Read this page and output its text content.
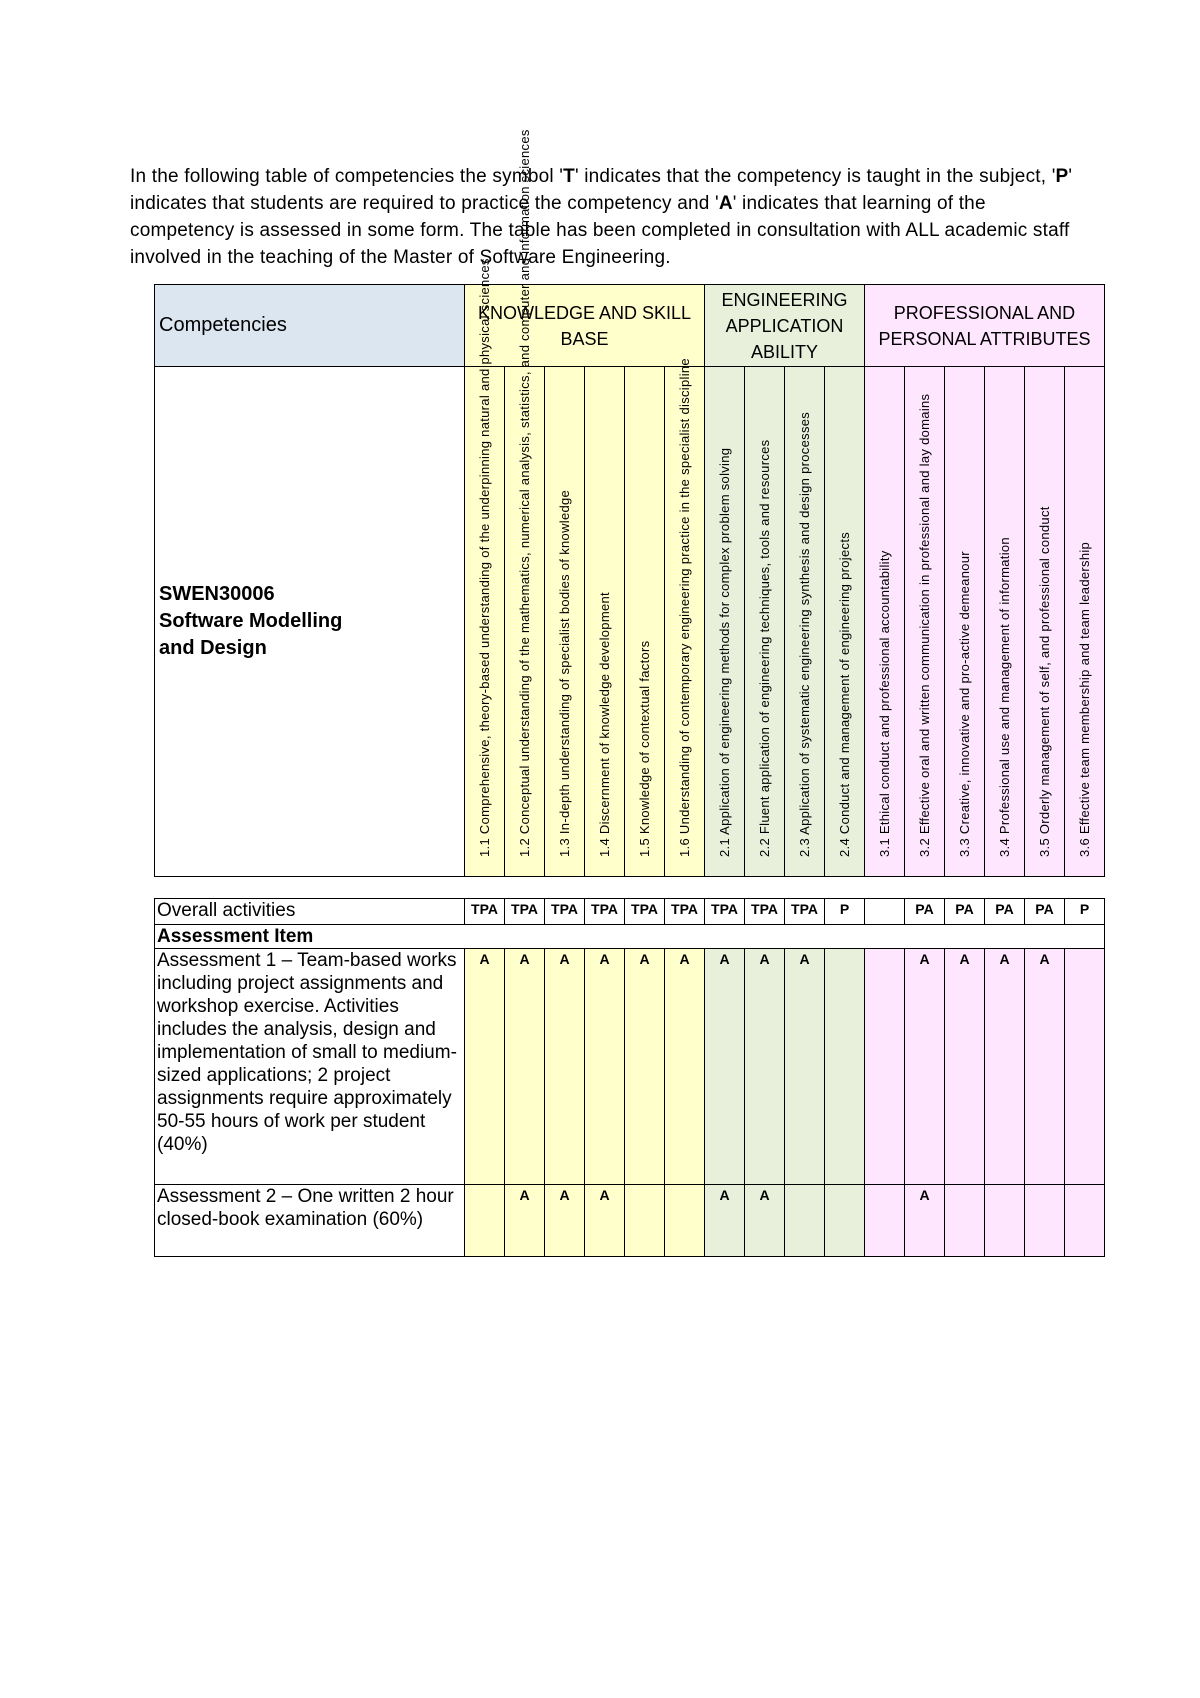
In the following table of competencies the symbol 'T' indicates that the competency is taught in the subject, 'P' indicates that students are required to practice the competency and 'A' indicates that learning of the competency is assessed in some form. The table has been completed in consultation with ALL academic staff involved in the teaching of the Master of Software Engineering.

Competencies	KNOWLEDGE AND SKILL BASE						ENGINEERING APPLICATION ABILITY				PROFESSIONAL AND PERSONAL ATTRIBUTES					

SWEN30006
Software Modelling
and Design	1.1 Comprehensive, theory-based understanding of the underpinning natural and physical sciences	1.2 Conceptual understanding of the mathematics, numerical analysis, statistics, and computer and information sciences	1.3 In-depth understanding of specialist bodies of knowledge	1.4 Discernment of knowledge development	1.5 Knowledge of contextual factors	1.6 Understanding of contemporary engineering practice in the specialist discipline	2.1 Application of engineering methods for complex problem solving	2.2 Fluent application of engineering techniques, tools and resources	2.3 Application of systematic engineering synthesis and design processes	2.4 Conduct and management of engineering projects	3.1 Ethical conduct and professional accountability	3.2 Effective oral and written communication in professional and lay domains	3.3 Creative, innovative and pro-active demeanour	3.4 Professional use and management of information	3.5 Orderly management of self, and professional conduct	3.6 Effective team membership and team leadership
Overall activities	TPA	TPA	TPA	TPA	TPA	TPA	TPA	TPA	TPA	P		PA	PA	PA	PA	P
Assessment Item																
Assessment 1 – Team-based works including project assignments and workshop exercise. Activities includes the analysis, design and implementation of small to medium-sized applications; 2 project assignments require approximately 50-55 hours of work per student (40%)	A	A	A	A	A	A	A	A	A			A	A	A	A	
Assessment 2 – One written 2 hour closed-book examination (60%)		A	A	A			A	A				A				
